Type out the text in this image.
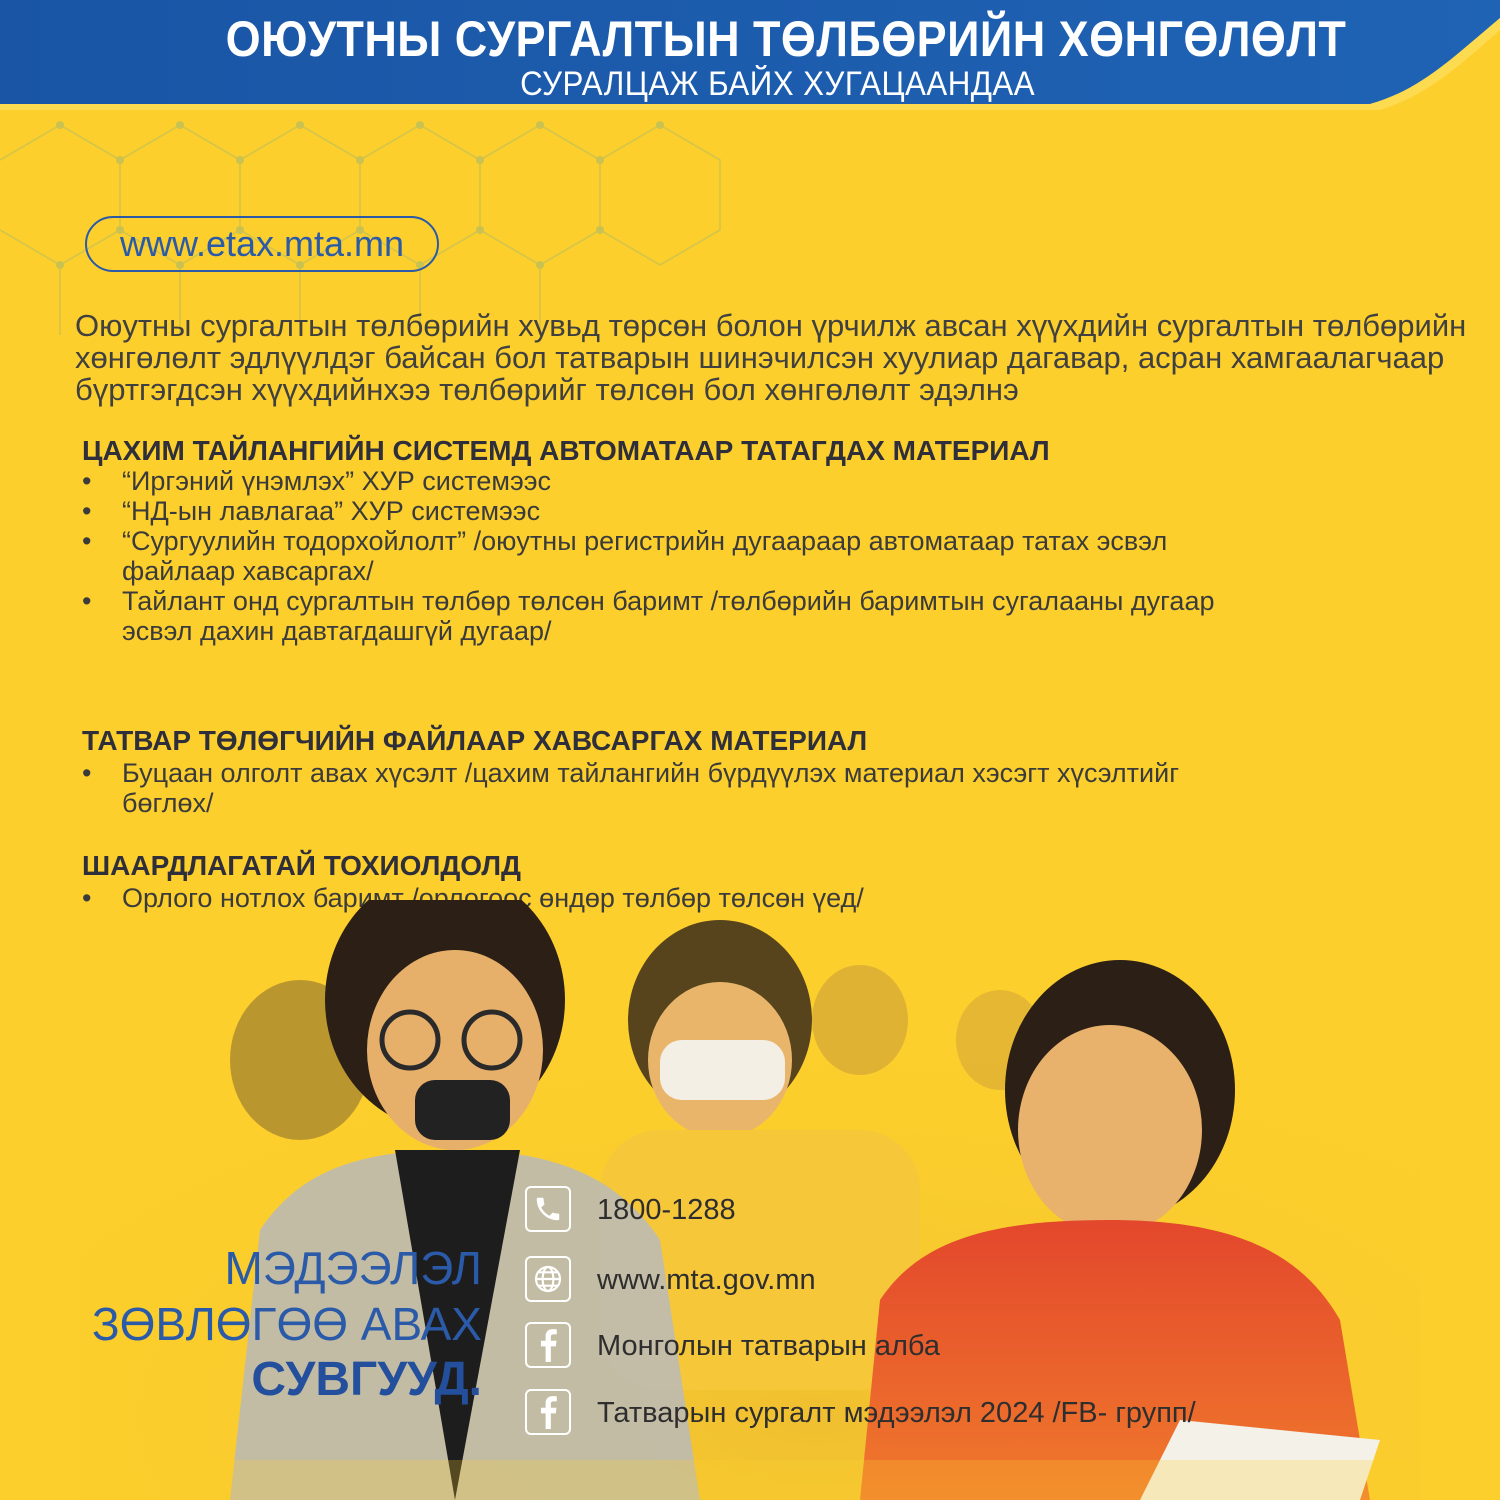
ОЮУТНЫ СУРГАЛТЫН ТӨЛБӨРИЙН ХӨНГӨЛӨЛТ
СУРАЛЦАЖ БАЙХ ХУГАЦААНДАА
www.etax.mta.mn
Оюутны сургалтын төлбөрийн хувьд төрсөн болон үрчилж авсан хүүхдийн сургалтын төлбөрийн хөнгөлөлт эдлүүлдэг байсан бол татварын шинэчилсэн хуулиар дагавар, асран хамгаалагчаар бүртгэгдсэн хүүхдийнхээ төлбөрийг төлсөн бол хөнгөлөлт эдэлнэ
ЦАХИМ ТАЙЛАНГИЙН СИСТЕМД АВТОМАТААР ТАТАГДАХ МАТЕРИАЛ
• “Иргэний үнэмлэх” ХУР системээс
• “НД-ын лавлагаа” ХУР системээс
• “Сургуулийн тодорхойлолт” /оюутны регистрийн дугаараар автоматаар татах эсвэл файлаар хавсаргах/
• Тайлант онд сургалтын төлбөр төлсөн баримт /төлбөрийн баримтын сугалааны дугаар эсвэл дахин давтагдашгүй дугаар/
ТАТВАР ТӨЛӨГЧИЙН ФАЙЛААР ХАВСАРГАХ МАТЕРИАЛ
• Буцаан олголт авах хүсэлт /цахим тайлангийн бүрдүүлэх материал хэсэгт хүсэлтийг бөглөх/
ШААРДЛАГАТАЙ ТОХИОЛДОЛД
• Орлого нотлох баримт /орлогоос өндөр төлбөр төлсөн үед/
МЭДЭЭЛЭЛ
ЗӨВЛӨГӨӨ АВАХ
СУВГУУД.
1800-1288
www.mta.gov.mn
Монголын татварын алба
Татварын сургалт мэдээлэл 2024 /FB- групп/
